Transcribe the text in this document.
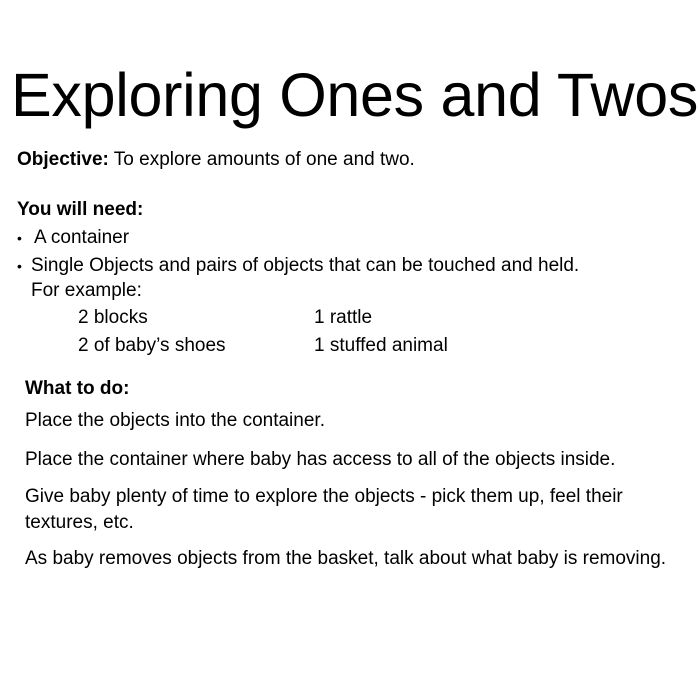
Exploring Ones and Twos
Objective: To explore amounts of one and two.
You will need:
• A container
• Single Objects and pairs of objects that can be touched and held.
For example:
2 blocks
2 of baby’s shoes
1 rattle
1 stuffed animal
What to do:
Place the objects into the container.
Place the container where baby has access to all of the objects inside.
Give baby plenty of time to explore the objects - pick them up, feel their textures, etc.
As baby removes objects from the basket, talk about what baby is removing.
